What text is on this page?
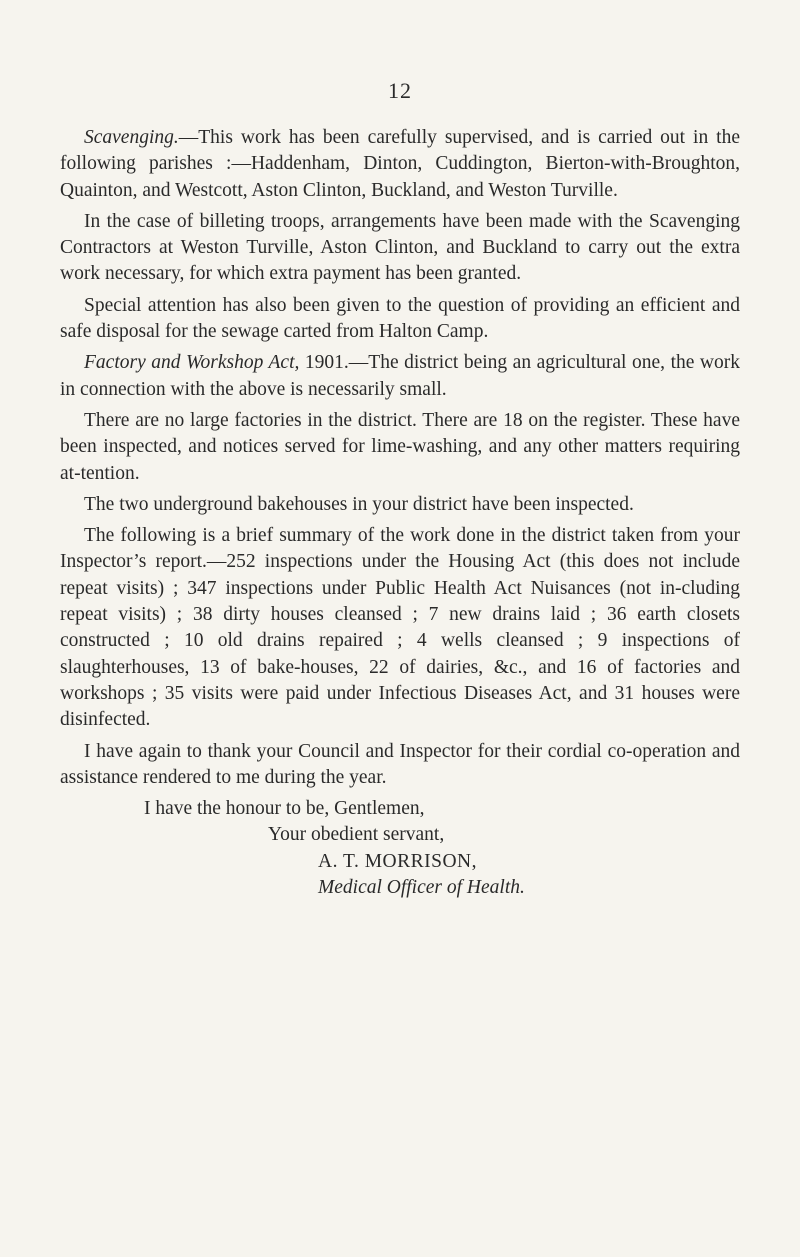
12

Scavenging.—This work has been carefully supervised, and is carried out in the following parishes :—Haddenham, Dinton, Cuddington, Bierton-with-Broughton, Quainton, and Westcott, Aston Clinton, Buckland, and Weston Turville.

In the case of billeting troops, arrangements have been made with the Scavenging Contractors at Weston Turville, Aston Clinton, and Buckland to carry out the extra work necessary, for which extra payment has been granted.

Special attention has also been given to the question of providing an efficient and safe disposal for the sewage carted from Halton Camp.

Factory and Workshop Act, 1901.—The district being an agricultural one, the work in connection with the above is necessarily small.

There are no large factories in the district. There are 18 on the register. These have been inspected, and notices served for lime-washing, and any other matters requiring at-tention.

The two underground bakehouses in your district have been inspected.

The following is a brief summary of the work done in the district taken from your Inspector’s report.—252 inspections under the Housing Act (this does not include repeat visits) ; 347 inspections under Public Health Act Nuisances (not in-cluding repeat visits) ; 38 dirty houses cleansed ; 7 new drains laid ; 36 earth closets constructed ; 10 old drains repaired ; 4 wells cleansed ; 9 inspections of slaughterhouses, 13 of bake-houses, 22 of dairies, &c., and 16 of factories and workshops ; 35 visits were paid under Infectious Diseases Act, and 31 houses were disinfected.

I have again to thank your Council and Inspector for their cordial co-operation and assistance rendered to me during the year.

I have the honour to be, Gentlemen,
Your obedient servant,
A. T. MORRISON,
Medical Officer of Health.
